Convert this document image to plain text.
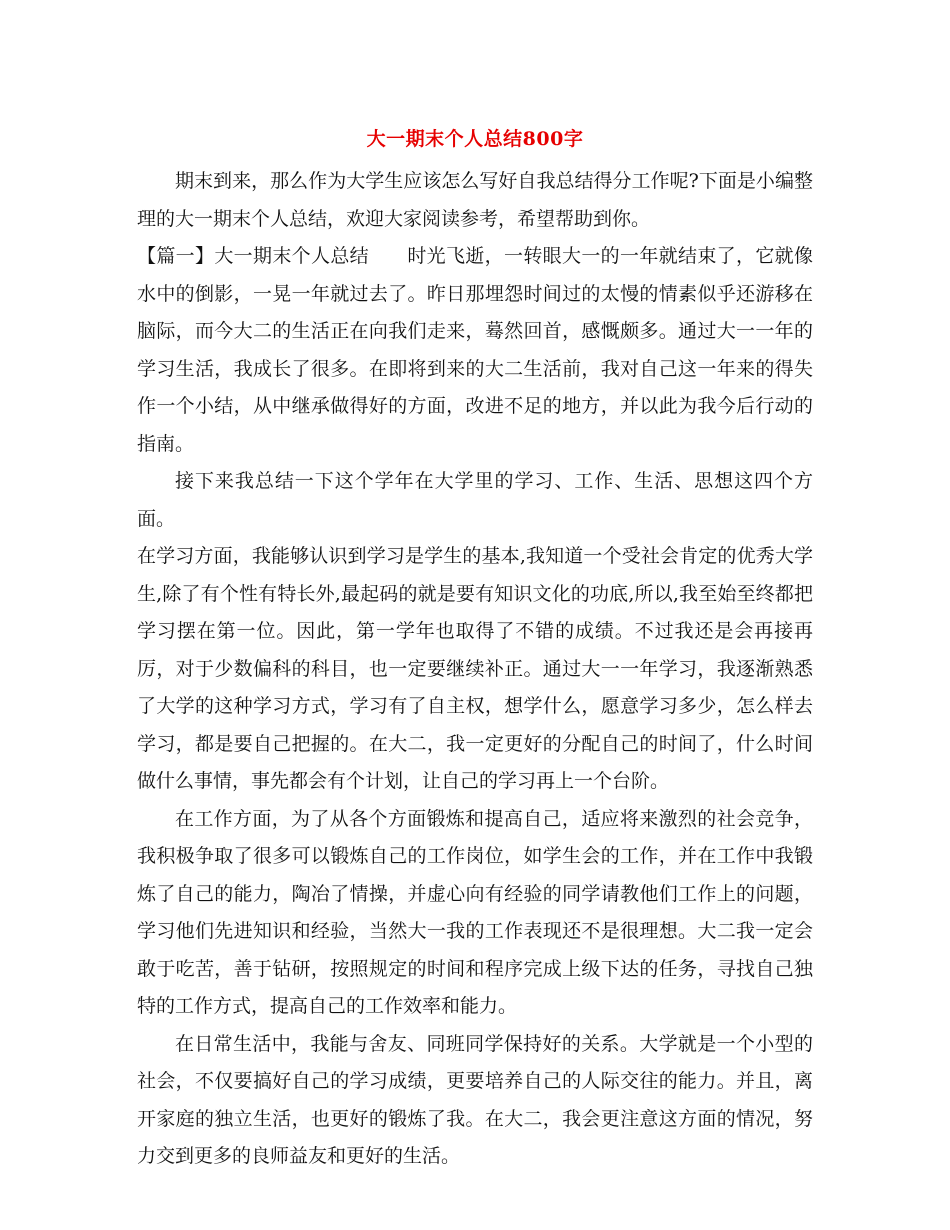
大一期末个人总结800字

期末到来，那么作为大学生应该怎么写好自我总结得分工作呢?下面是小编整理的大一期末个人总结，欢迎大家阅读参考，希望帮助到你。

【篇一】大一期末个人总结 时光飞逝，一转眼大一的一年就结束了，它就像水中的倒影，一晃一年就过去了。昨日那埋怨时间过的太慢的情素似乎还游移在脑际，而今大二的生活正在向我们走来，蓦然回首，感慨颇多。通过大一一年的学习生活，我成长了很多。在即将到来的大二生活前，我对自己这一年来的得失作一个小结，从中继承做得好的方面，改进不足的地方，并以此为我今后行动的指南。

接下来我总结一下这个学年在大学里的学习、工作、生活、思想这四个方面。

在学习方面，我能够认识到学习是学生的基本,我知道一个受社会肯定的优秀大学生,除了有个性有特长外,最起码的就是要有知识文化的功底,所以,我至始至终都把学习摆在第一位。因此，第一学年也取得了不错的成绩。不过我还是会再接再厉，对于少数偏科的科目，也一定要继续补正。通过大一一年学习，我逐渐熟悉了大学的这种学习方式，学习有了自主权，想学什么，愿意学习多少，怎么样去学习，都是要自己把握的。在大二，我一定更好的分配自己的时间了，什么时间做什么事情，事先都会有个计划，让自己的学习再上一个台阶。

在工作方面，为了从各个方面锻炼和提高自己，适应将来激烈的社会竞争，我积极争取了很多可以锻炼自己的工作岗位，如学生会的工作，并在工作中我锻炼了自己的能力，陶冶了情操，并虚心向有经验的同学请教他们工作上的问题，学习他们先进知识和经验，当然大一我的工作表现还不是很理想。大二我一定会敢于吃苦，善于钻研，按照规定的时间和程序完成上级下达的任务，寻找自己独特的工作方式，提高自己的工作效率和能力。

在日常生活中，我能与舍友、同班同学保持好的关系。大学就是一个小型的社会，不仅要搞好自己的学习成绩，更要培养自己的人际交往的能力。并且，离开家庭的独立生活，也更好的锻炼了我。在大二，我会更注意这方面的情况，努力交到更多的良师益友和更好的生活。
